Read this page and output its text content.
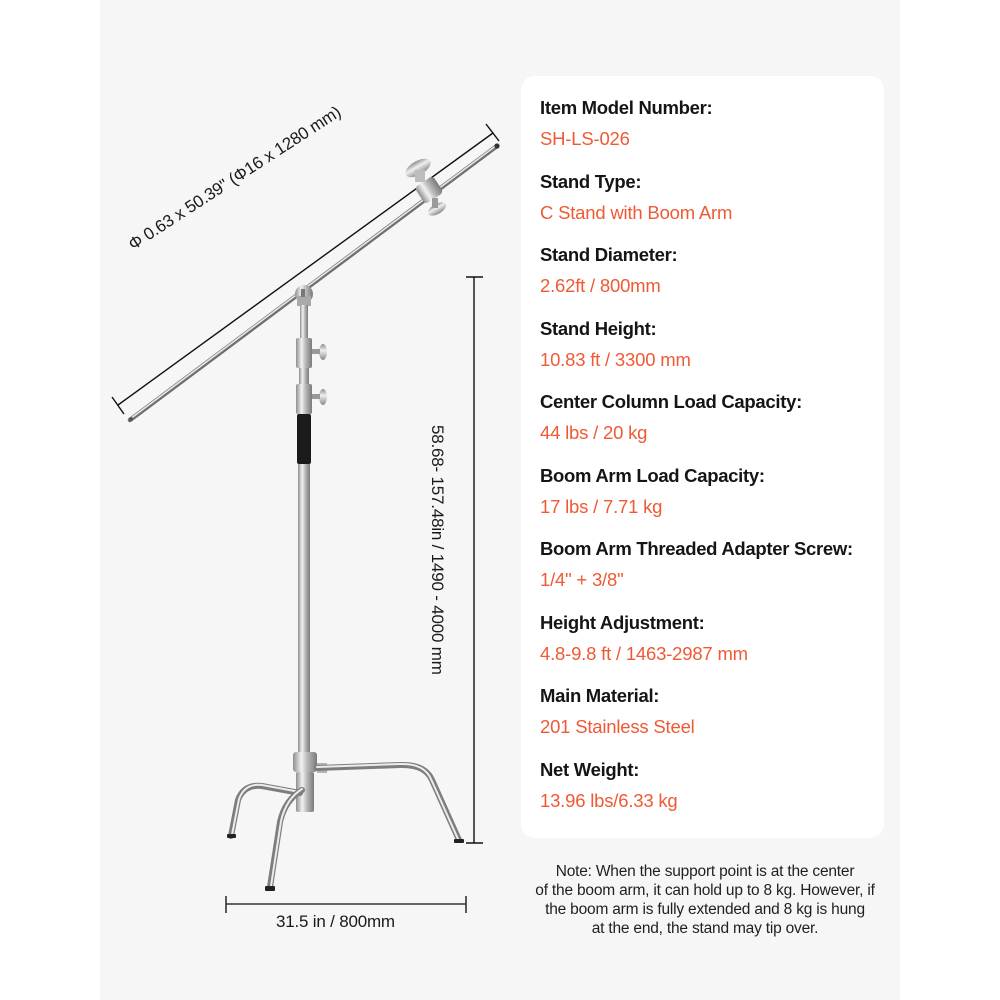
Φ 0.63 x 50.39" (Φ16 x 1280 mm)
58.68- 157.48in / 1490 - 4000 mm
31.5 in / 800mm
Item Model Number:
SH-LS-026
Stand Type:
C Stand with Boom Arm
Stand Diameter:
2.62ft / 800mm
Stand Height:
10.83 ft / 3300 mm
Center Column Load Capacity:
44 lbs / 20 kg
Boom Arm Load Capacity:
17 lbs / 7.71 kg
Boom Arm Threaded Adapter Screw:
1/4" + 3/8"
Height Adjustment:
4.8-9.8 ft / 1463-2987 mm
Main Material:
201 Stainless Steel
Net Weight:
13.96 lbs/6.33 kg
Note: When the support point is at the center
of the boom arm, it can hold up to 8 kg. However, if
the boom arm is fully extended and 8 kg is hung
at the end, the stand may tip over.
